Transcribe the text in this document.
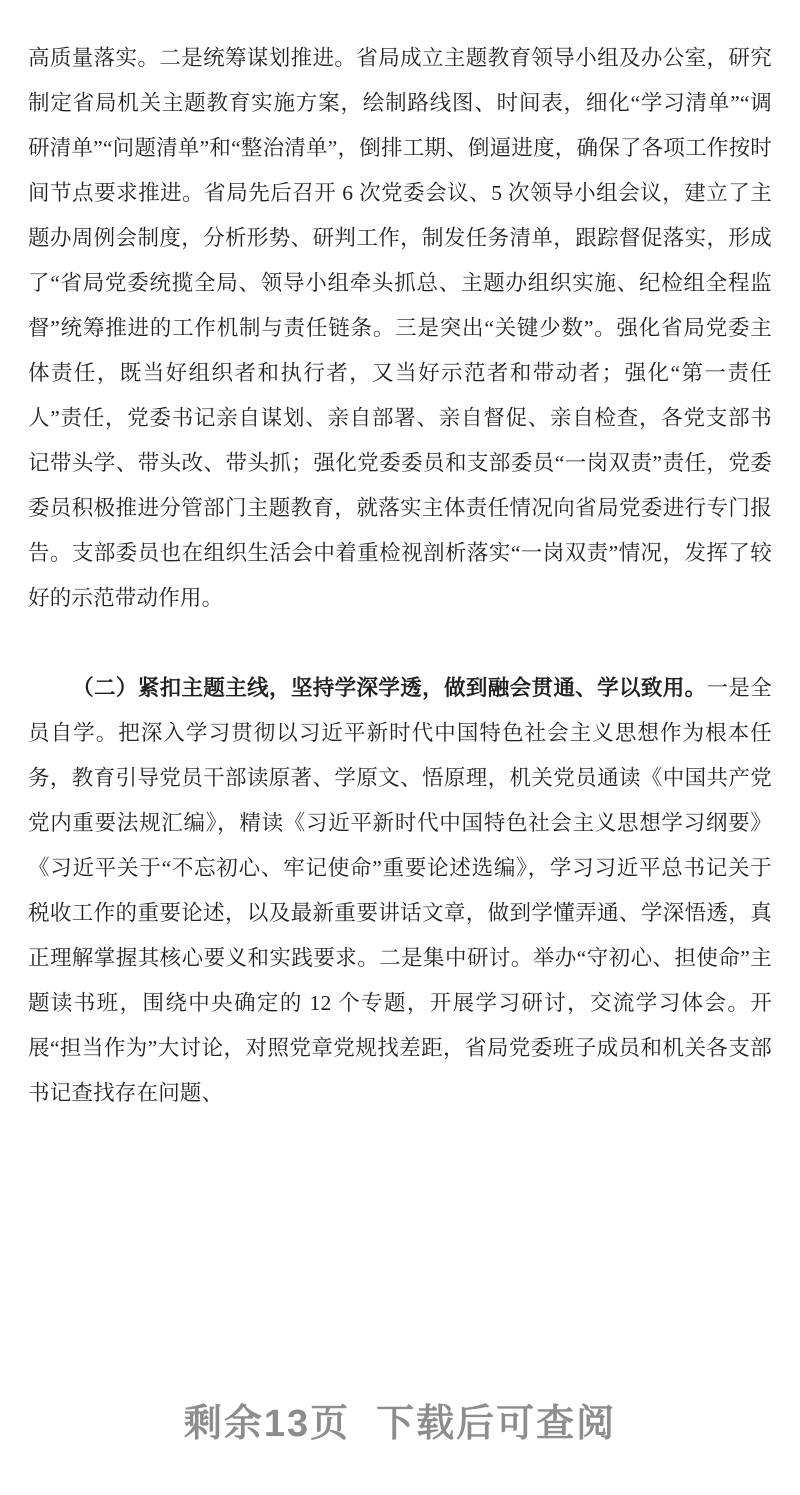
高质量落实。二是统筹谋划推进。省局成立主题教育领导小组及办公室，研究制定省局机关主题教育实施方案，绘制路线图、时间表，细化“学习清单”“调研清单”“问题清单”和“整治清单”，倒排工期、倒逼进度，确保了各项工作按时间节点要求推进。省局先后召开 6 次党委会议、5 次领导小组会议，建立了主题办周例会制度，分析形势、研判工作，制发任务清单，跟踪督促落实，形成了“省局党委统揽全局、领导小组牵头抓总、主题办组织实施、纪检组全程监督”统筹推进的工作机制与责任链条。三是突出“关键少数”。强化省局党委主体责任，既当好组织者和执行者，又当好示范者和带动者；强化“第一责任人”责任，党委书记亲自谋划、亲自部署、亲自督促、亲自检查，各党支部书记带头学、带头改、带头抓；强化党委委员和支部委员“一岗双责”责任，党委委员积极推进分管部门主题教育，就落实主体责任情况向省局党委进行专门报告。支部委员也在组织生活会中着重检视剖析落实“一岗双责”情况，发挥了较好的示范带动作用。

（二）紧扣主题主线，坚持学深学透，做到融会贯通、学以致用。一是全员自学。把深入学习贯彻以习近平新时代中国特色社会主义思想作为根本任务，教育引导党员干部读原著、学原文、悟原理，机关党员通读《中国共产党党内重要法规汇编》，精读《习近平新时代中国特色社会主义思想学习纲要》《习近平关于“不忘初心、牢记使命”重要论述选编》，学习习近平总书记关于税收工作的重要论述，以及最新重要讲话文章，做到学懂弄通、学深悟透，真正理解掌握其核心要义和实践要求。二是集中研讨。举办“守初心、担使命”主题读书班，围绕中央确定的 12 个专题，开展学习研讨，交流学习体会。开展“担当作为”大讨论，对照党章党规找差距，省局党委班子成员和机关各支部书记查找存在问题、

剩余13页 下载后可查阅
